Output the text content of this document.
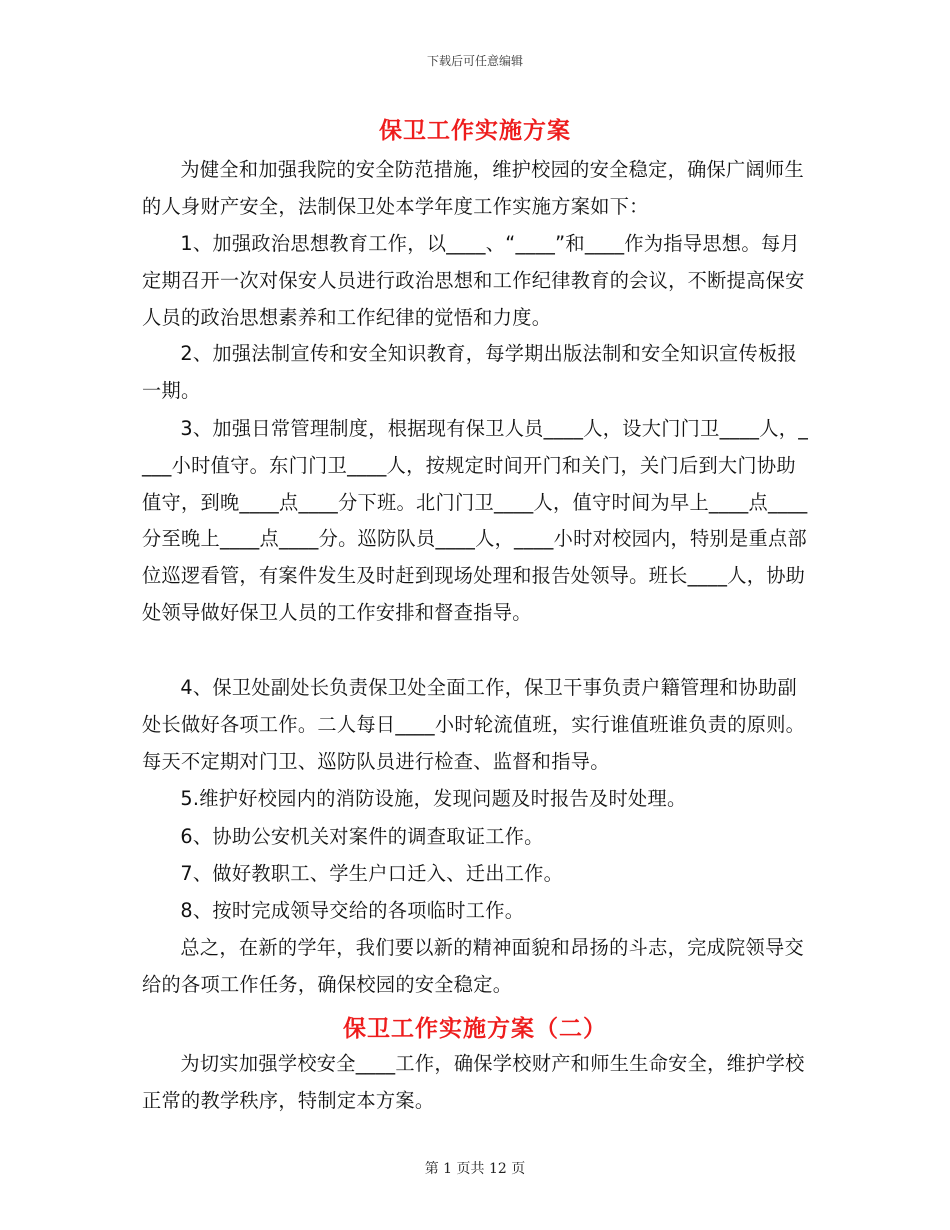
下载后可任意编辑
保卫工作实施方案
为健全和加强我院的安全防范措施，维护校园的安全稳定，确保广阔师生的人身财产安全，法制保卫处本学年度工作实施方案如下：
1、加强政治思想教育工作，以____、“____”和____作为指导思想。每月定期召开一次对保安人员进行政治思想和工作纪律教育的会议，不断提高保安人员的政治思想素养和工作纪律的觉悟和力度。
2、加强法制宣传和安全知识教育，每学期出版法制和安全知识宣传板报一期。
3、加强日常管理制度，根据现有保卫人员____人，设大门门卫____人，____小时值守。东门门卫____人，按规定时间开门和关门，关门后到大门协助值守，到晚____点____分下班。北门门卫____人，值守时间为早上____点____分至晚上____点____分。巡防队员____人，____小时对校园内，特别是重点部位巡逻看管，有案件发生及时赶到现场处理和报告处领导。班长____人，协助处领导做好保卫人员的工作安排和督查指导。
4、保卫处副处长负责保卫处全面工作，保卫干事负责户籍管理和协助副处长做好各项工作。二人每日____小时轮流值班，实行谁值班谁负责的原则。每天不定期对门卫、巡防队员进行检查、监督和指导。
5.维护好校园内的消防设施，发现问题及时报告及时处理。
6、协助公安机关对案件的调查取证工作。
7、做好教职工、学生户口迁入、迁出工作。
8、按时完成领导交给的各项临时工作。
总之，在新的学年，我们要以新的精神面貌和昂扬的斗志，完成院领导交给的各项工作任务，确保校园的安全稳定。
保卫工作实施方案（二）
为切实加强学校安全____工作，确保学校财产和师生生命安全，维护学校正常的教学秩序，特制定本方案。
第 1 页共 12 页
